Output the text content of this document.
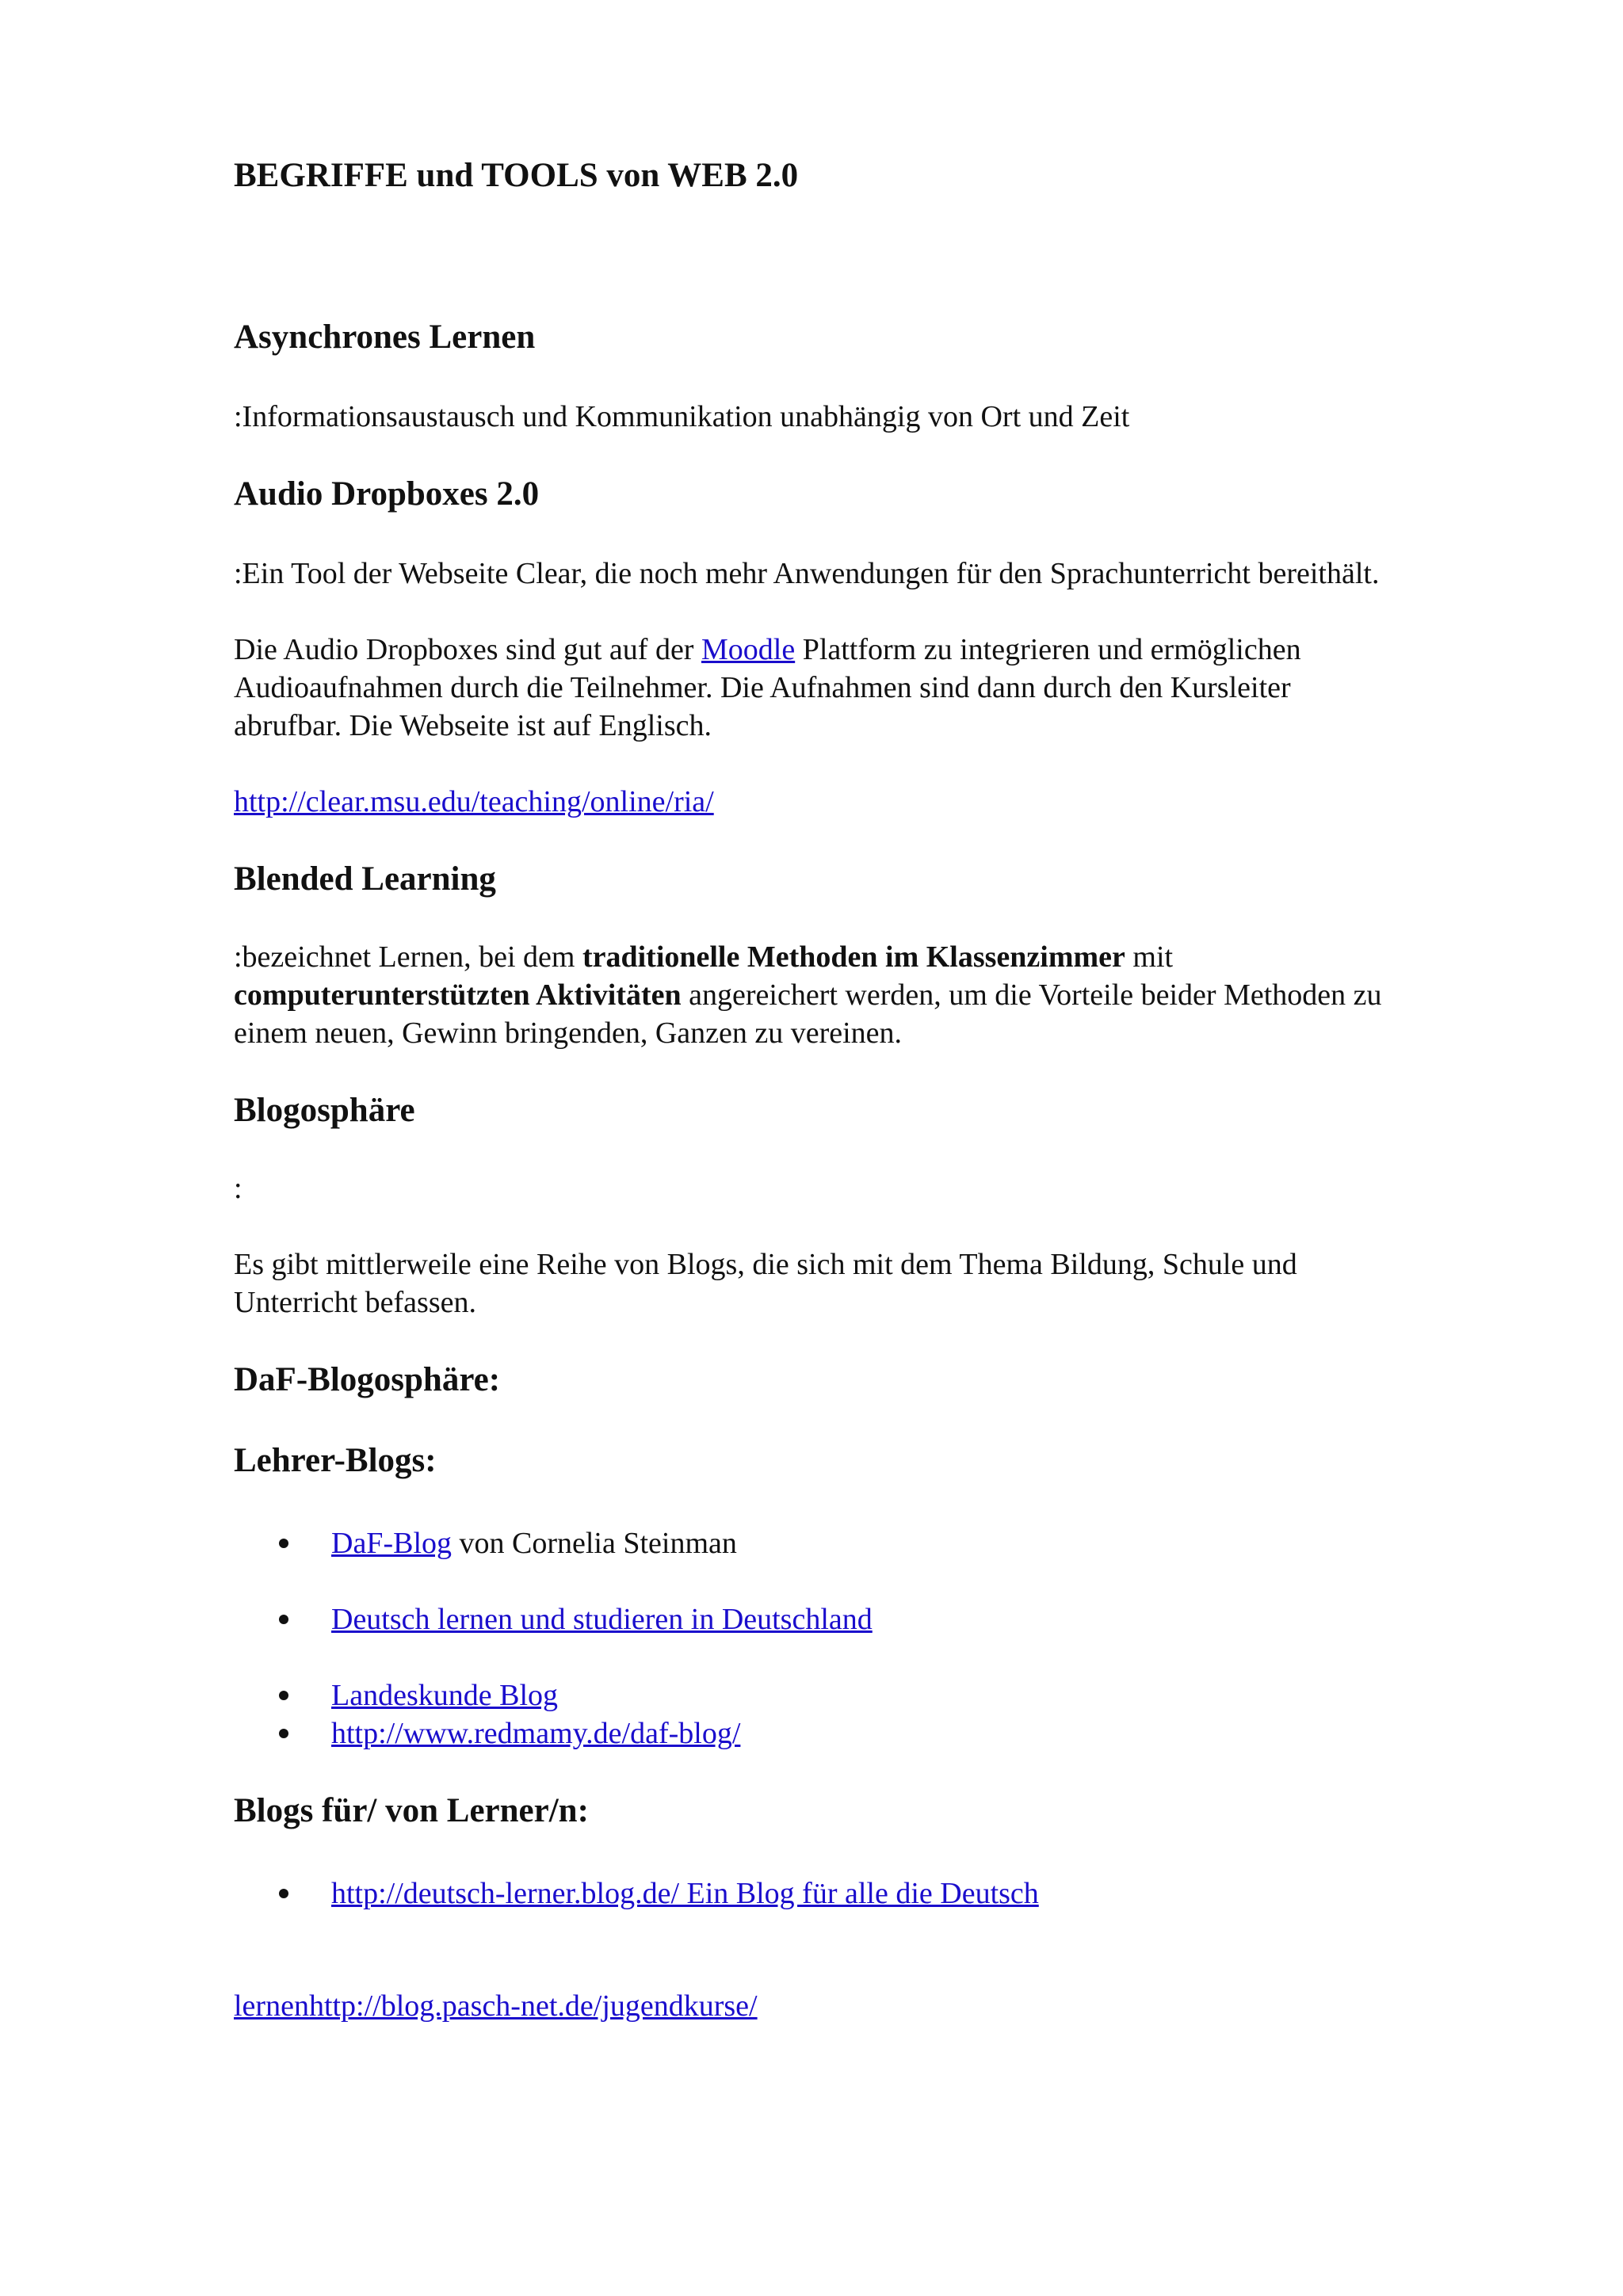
BEGRIFFE und TOOLS von WEB 2.0
Asynchrones Lernen
:Informationsaustausch und Kommunikation unabhängig von Ort und Zeit
Audio Dropboxes 2.0
:Ein Tool der Webseite Clear, die noch mehr Anwendungen für den Sprachunterricht bereithält.
Die Audio Dropboxes sind gut auf der Moodle Plattform zu integrieren und ermöglichen
Audioaufnahmen durch die Teilnehmer. Die Aufnahmen sind dann durch den Kursleiter
abrufbar. Die Webseite ist auf Englisch.
http://clear.msu.edu/teaching/online/ria/
Blended Learning
:bezeichnet Lernen, bei dem traditionelle Methoden im Klassenzimmer mit
computerunterstützten Aktivitäten angereichert werden, um die Vorteile beider Methoden zu
einem neuen, Gewinn bringenden, Ganzen zu vereinen.
Blogosphäre
:
Es gibt mittlerweile eine Reihe von Blogs, die sich mit dem Thema Bildung, Schule und
Unterricht befassen.
DaF-Blogosphäre:
Lehrer-Blogs:
DaF-Blog von Cornelia Steinman
Deutsch lernen und studieren in Deutschland
Landeskunde Blog
http://www.redmamy.de/daf-blog/
Blogs für/ von Lerner/n:
http://deutsch-lerner.blog.de/ Ein Blog für alle die Deutsch
lernenhttp://blog.pasch-net.de/jugendkurse/
